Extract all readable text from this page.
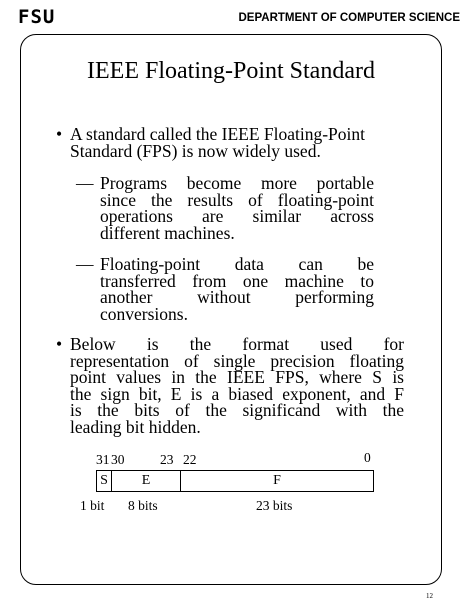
FSU	DEPARTMENT OF COMPUTER SCIENCE
IEEE Floating-Point Standard
• A standard called the IEEE Floating-Point
Standard (FPS) is now widely used.
— Programs become more portable

since the results of floating-point

operations are similar across

different machines.

— Floating-point data can be

transferred from one machine to

another without performing

conversions.

• Below is the format used for

representation of single precision floating

point values in the IEEE FPS, where S is

the sign bit, E is a biased exponent, and F

is the bits of the significand with the

leading bit hidden.

31 30	23 22	0
S	E	F
1 bit 8 bits	23 bits
12
